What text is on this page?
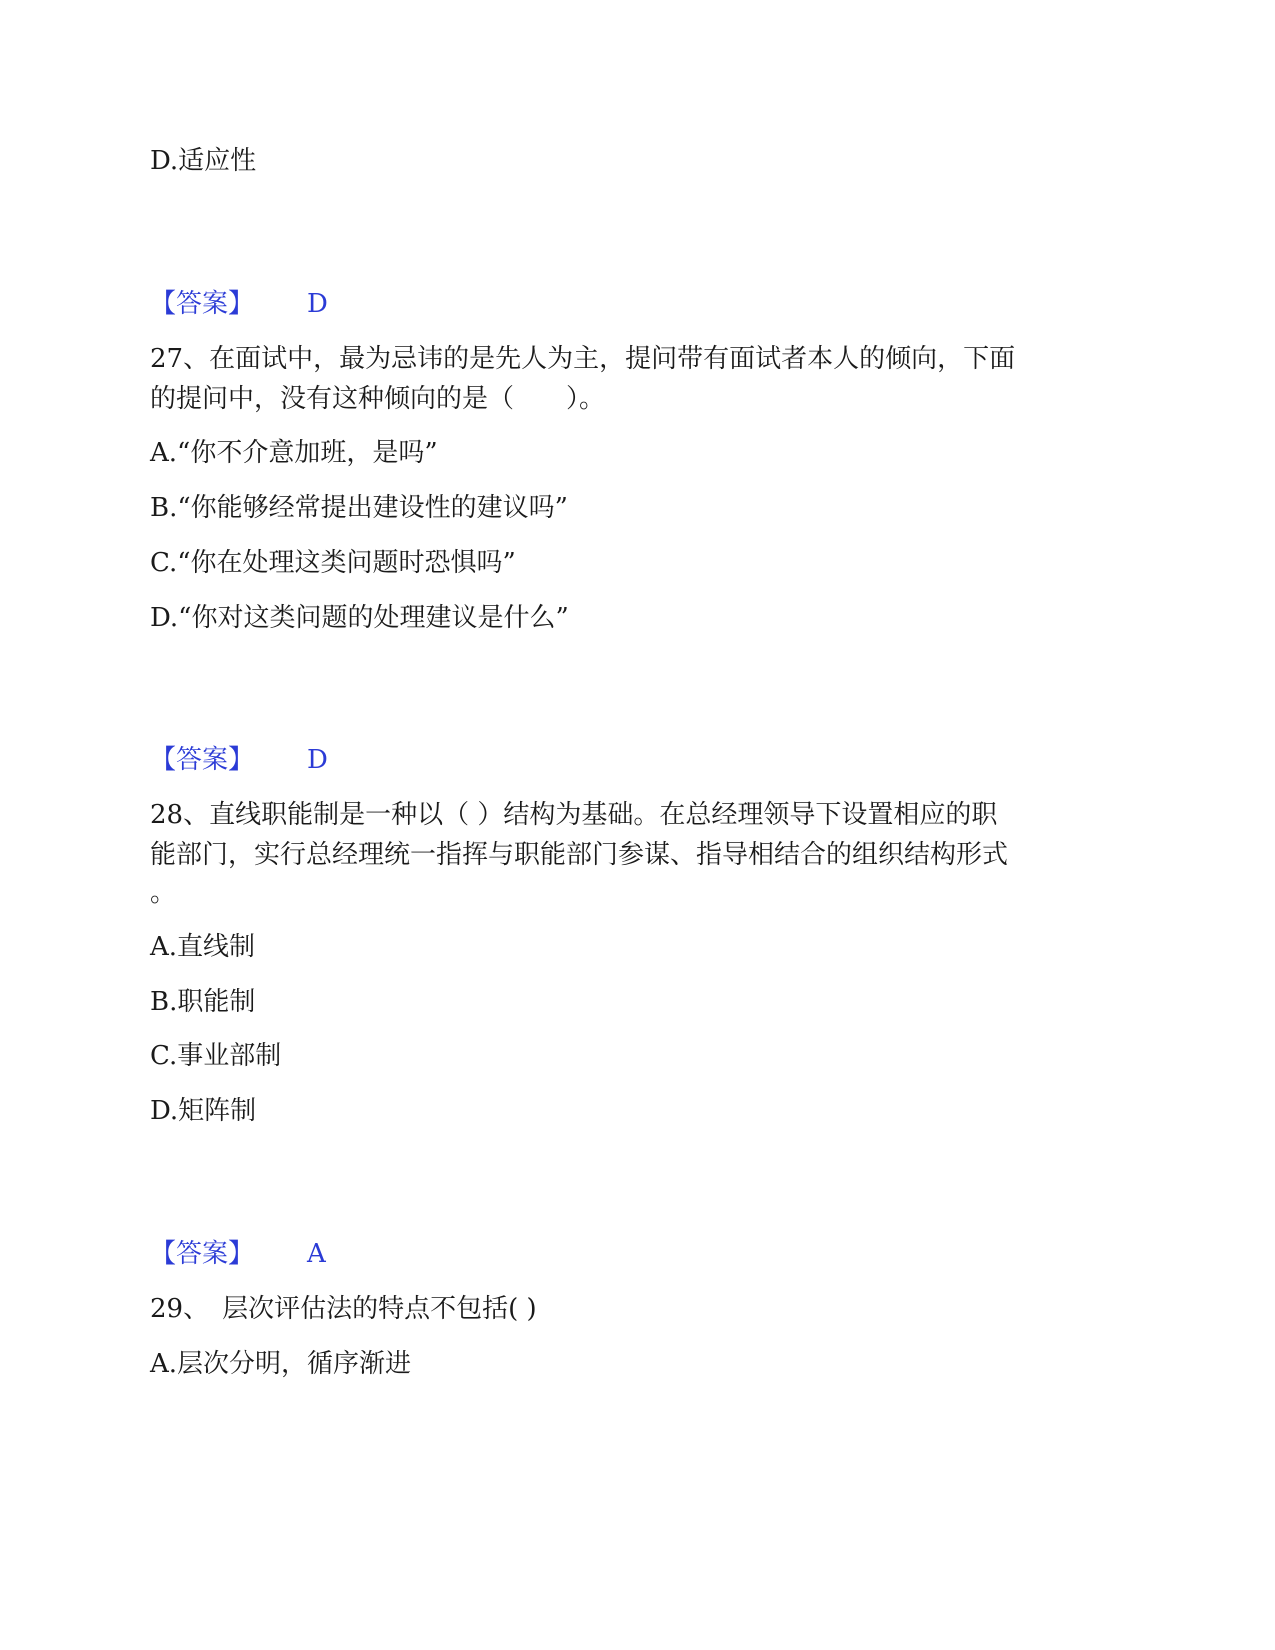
D.适应性
【答案】 D
27、在面试中，最为忌讳的是先人为主，提问带有面试者本人的倾向，下面
的提问中，没有这种倾向的是（　　）。
A.“你不介意加班，是吗”
B.“你能够经常提出建设性的建议吗”
C.“你在处理这类问题时恐惧吗”
D.“你对这类问题的处理建议是什么”
【答案】 D
28、直线职能制是一种以（ ）结构为基础。在总经理领导下设置相应的职
能部门，实行总经理统一指挥与职能部门参谋、指导相结合的组织结构形式
。
A.直线制
B.职能制
C.事业部制
D.矩阵制
【答案】 A
29、　层次评估法的特点不包括( )
A.层次分明，循序渐进
